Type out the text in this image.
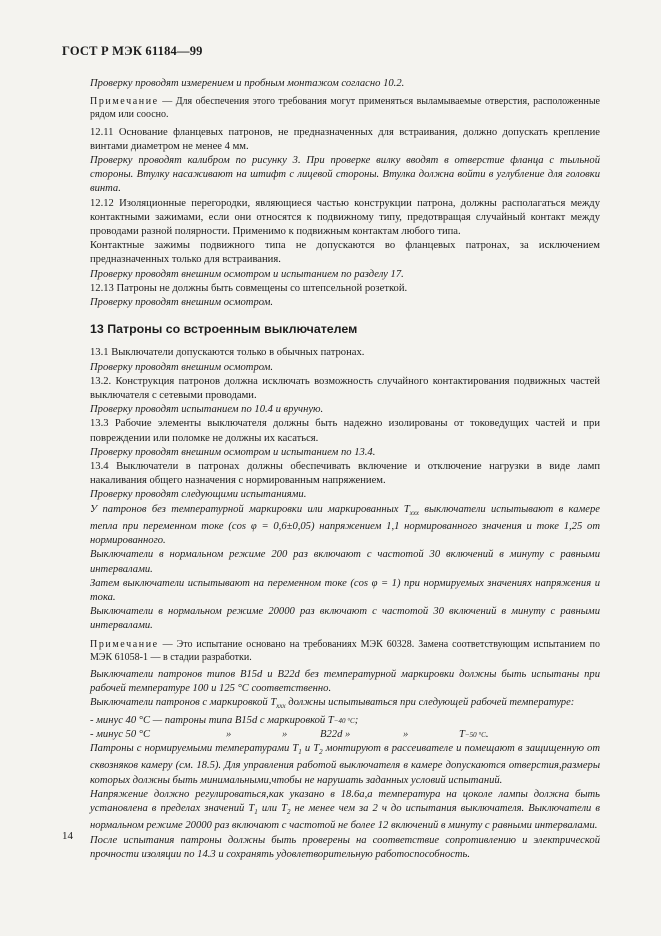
ГОСТ Р МЭК 61184—99

Проверку проводят измерением и пробным монтажом согласно 10.2.

Примечание — Для обеспечения этого требования могут применяться выламываемые отверстия, расположенные рядом или соосно.

12.11 Основание фланцевых патронов, не предназначенных для встраивания, должно допускать крепление винтами диаметром не менее 4 мм.

Проверку проводят калибром по рисунку 3. При проверке вилку вводят в отверстие фланца с тыльной стороны. Втулку насаживают на штифт с лицевой стороны. Втулка должна войти в углубление для головки винта.

12.12 Изоляционные перегородки, являющиеся частью конструкции патрона, должны располагаться между контактными зажимами, если они относятся к подвижному типу, предотвращая случайный контакт между проводами разной полярности. Применимо к подвижным контактам любого типа.

Контактные зажимы подвижного типа не допускаются во фланцевых патронах, за исключением предназначенных только для встраивания.

Проверку проводят внешним осмотром и испытанием по разделу 17.

12.13 Патроны не должны быть совмещены со штепсельной розеткой.

Проверку проводят внешним осмотром.

13 Патроны со встроенным выключателем

13.1 Выключатели допускаются только в обычных патронах.

Проверку проводят внешним осмотром.

13.2. Конструкция патронов должна исключать возможность случайного контактирования подвижных частей выключателя с сетевыми проводами.

Проверку проводят испытанием по 10.4 и вручную.

13.3 Рабочие элементы выключателя должны быть надежно изолированы от токоведущих частей и при повреждении или поломке не должны их касаться.

Проверку проводят внешним осмотром и испытанием по 13.4.

13.4 Выключатели в патронах должны обеспечивать включение и отключение нагрузки в виде ламп накаливания общего назначения с нормированным напряжением.

Проверку проводят следующими испытаниями.

У патронов без температурной маркировки или маркированных $T_{xxx}$ выключатели испытывают в камере тепла при переменном токе (cos φ = 0,6±0,05) напряжением 1,1 нормированного значения и токе 1,25 от нормированного.

Выключатели в нормальном режиме 200 раз включают с частотой 30 включений в минуту с равными интервалами.

Затем выключатели испытывают на переменном токе (cos φ = 1) при нормируемых значениях напряжения и тока.

Выключатели в нормальном режиме 20000 раз включают с частотой 30 включений в минуту с равными интервалами.

Примечание — Это испытание основано на требованиях МЭК 60328. Замена соответствующим испытанием по МЭК 61058-1 — в стадии разработки.

Выключатели патронов типов B15d и B22d без температурной маркировки должны быть испытаны при рабочей температуре 100 и 125 °С соответственно.

Выключатели патронов с маркировкой $T_{xxx}$ должны испытываться при следующей рабочей температуре:

- минус 40 °С — патроны типа B15d с маркировкой T −40 °C ;
- минус 50 °С	»	»	B22d »	»	T −50 °C .

Патроны с нормируемыми температурами $T_1$ и $T_2$ монтируют в рассеивателе и помещают в защищенную от сквозняков камеру (см. 18.5). Для управления работой выключателя в камере допускаются отверстия,размеры которых должны быть минимальными,чтобы не нарушать заданных условий испытаний.

Напряжение должно регулироваться,как указано в 18.6а,а температура на цоколе лампы должна быть установлена в пределах значений $T_1$ или $T_2$ не менее чем за 2 ч до испытания выключателя. Выключатели в нормальном режиме 20000 раз включают с частотой не более 12 включений в минуту с равными интервалами.

После испытания патроны должны быть проверены на соответствие сопротивлению и электрической прочности изоляции по 14.3 и сохранять удовлетворительную работоспособность.

14
